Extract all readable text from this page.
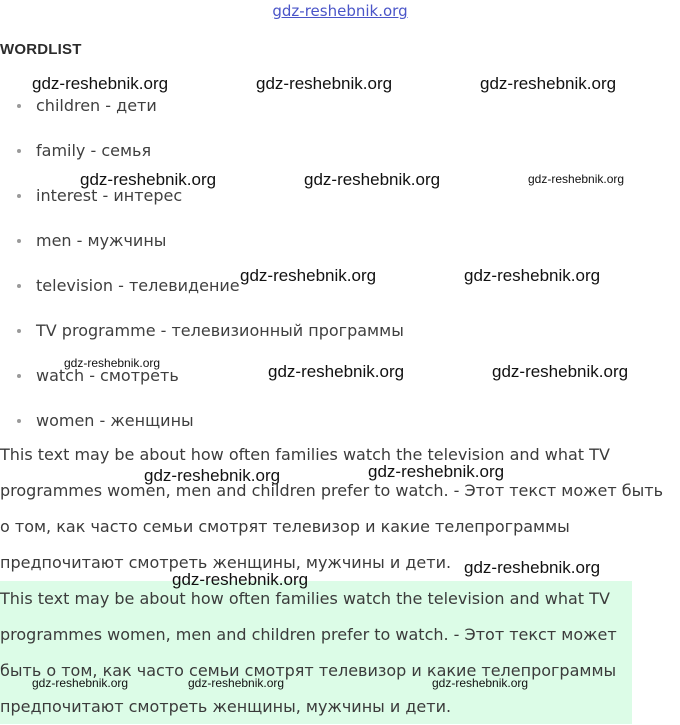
gdz-reshebnik.org
WORDLIST
children - дети
family - семья
interest - интерес
men - мужчины
television - телевидение
TV programme - телевизионный программы
watch - смотреть
women - женщины

This text may be about how often families watch the television and what TV
programmes women, men and children prefer to watch. - Этот текст может быть
о том, как часто семьи смотрят телевизор и какие телепрограммы
предпочитают смотреть женщины, мужчины и дети.

This text may be about how often families watch the television and what TV
programmes women, men and children prefer to watch. - Этот текст может
быть о том, как часто семьи смотрят телевизор и какие телепрограммы
предпочитают смотреть женщины, мужчины и дети.

gdz-reshebnik.org	gdz-reshebnik.org	gdz-reshebnik.org
gdz-reshebnik.org	gdz-reshebnik.org	gdz-reshebnik.org
gdz-reshebnik.org	gdz-reshebnik.org
gdz-reshebnik.org	gdz-reshebnik.org	gdz-reshebnik.org
gdz-reshebnik.org	gdz-reshebnik.org
gdz-reshebnik.org
gdz-reshebnik.org
gdz-reshebnik.org	gdz-reshebnik.org	gdz-reshebnik.org
